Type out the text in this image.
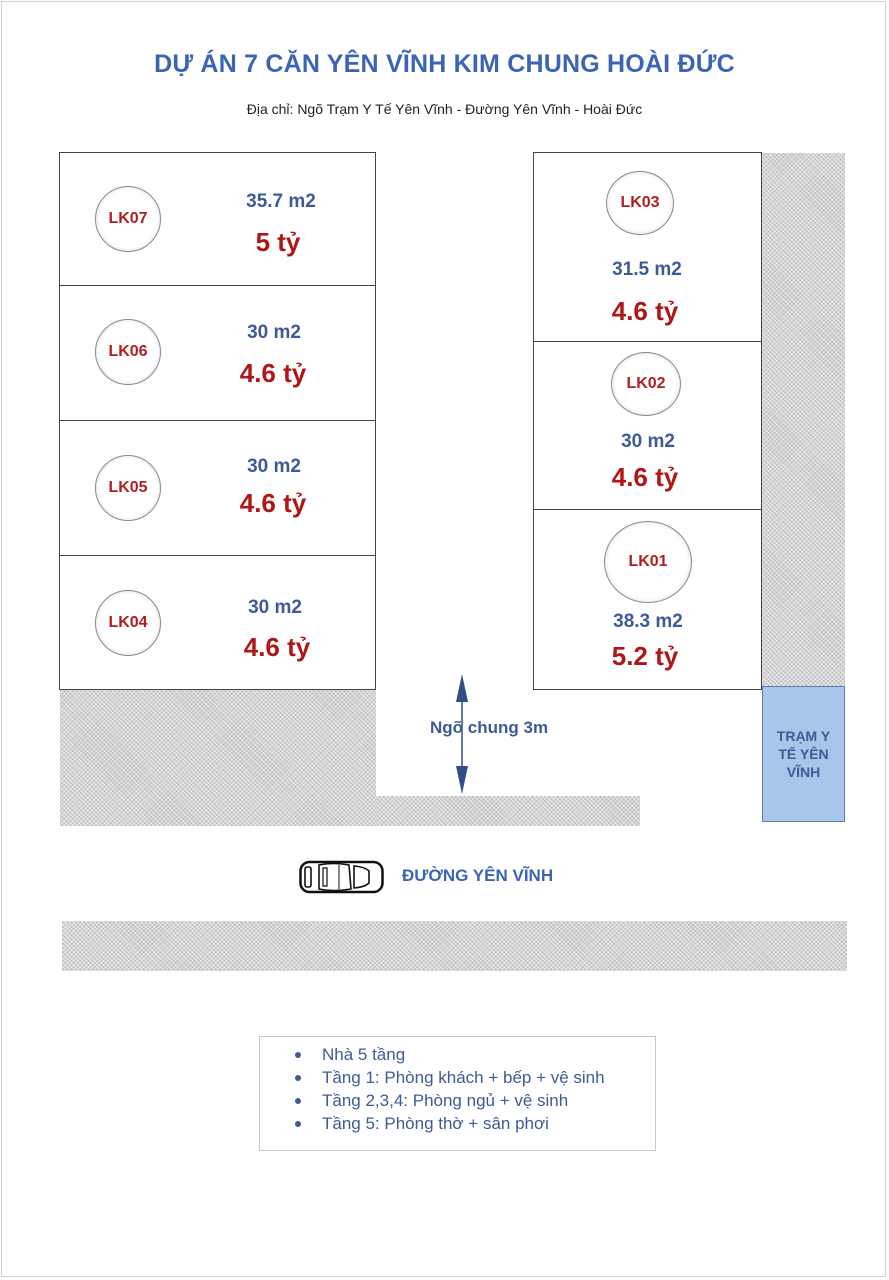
DỰ ÁN 7 CĂN YÊN VĨNH KIM CHUNG HOÀI ĐỨC
Địa chỉ: Ngõ Trạm Y Tế Yên Vĩnh - Đường Yên Vĩnh - Hoài Đức
LK07
35.7 m2
5 tỷ
LK06
30 m2
4.6 tỷ
LK05
30 m2
4.6 tỷ
LK04
30 m2
4.6 tỷ
LK03
31.5 m2
4.6 tỷ
LK02
30 m2
4.6 tỷ
LK01
38.3 m2
5.2 tỷ
Ngõ chung 3m	TRẠM Y TẾ YÊN VĨNH
ĐƯỜNG YÊN VĨNH
Nhà 5 tầng
Tầng 1: Phòng khách + bếp + vệ sinh
Tầng 2,3,4: Phòng ngủ + vệ sinh
Tầng 5: Phòng thờ + sân phơi
